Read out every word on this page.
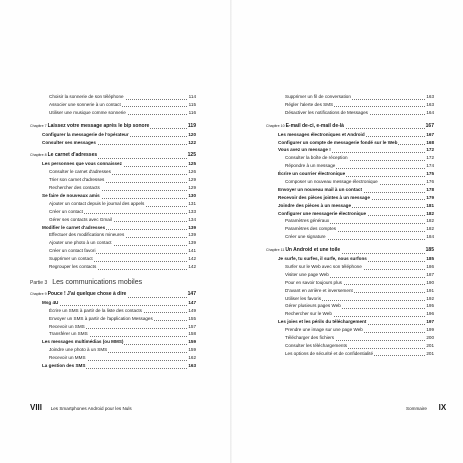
Choisir la sonnerie de son téléphone	114
Associer une sonnerie à un contact	115
Utiliser une musique comme sonnerie	116
Chapitre 7Laissez votre message après le bip sonore	119
Configurer la messagerie de l'opérateur	120
Consulter ses messages	122
Chapitre 8Le carnet d'adresses	125
Les personnes que vous connaissez	125
Consulter le carnet d'adresses	126
Trier son carnet d'adresses	129
Rechercher des contacts	129
Se faire de nouveaux amis	130
Ajouter un contact depuis le journal des appels	131
Créer un contact	133
Gérer ses contacts avec Gmail	134
Modifier le carnet d'adresses	139
Effectuer des modifications mineures	139
Ajouter une photo à un contact	139
Créer un contact favori	141
Supprimer un contact	142
Regrouper les contacts	142
Partie 3 Les communications mobiles
Chapitre 9Pouce ! J'ai quelque chose à dire	147
Msg 4U	147
Écrire un SMS à partir de la liste des contacts	149
Envoyer un SMS à partir de l'application Messages	155
Recevoir un SMS	157
Transférer un SMS	158
Les messages multimédias (ou MMS)	159
Joindre une photo à un SMS	159
Recevoir un MMS	162
La gestion des SMS	163
VIII Les Smartphones Android pour les Nuls
Supprimer un fil de conversation	163
Régler l'alerte des SMS	163
Désactiver les notifications de Messages	164
Chapitre 10E-mail de-ci, e-mail de-là	167
Les messages électroniques et Android	167
Configurer un compte de messagerie fondé sur le Web	168
Vous avez un message !	172
Consulter la boîte de réception	172
Répondre à un message	174
Écrire un courrier électronique	175
Composer un nouveau message électronique	176
Envoyer un nouveau mail à un contact	178
Recevoir des pièces jointes à un message	179
Joindre des pièces à un message	181
Configurer une messagerie électronique	182
Paramètres généraux	182
Paramètres des comptes	182
Créer une signature	184
Chapitre 11Un Android et une toile	185
Je surfe, tu surfes, il surfe, nous surfons	185
Surfer sur le Web avec son téléphone	186
Visiter une page Web	187
Pour en savoir toujours plus	190
D'avant en arrière et inversement	191
Utiliser les favoris	192
Gérer plusieurs pages Web	195
Rechercher sur le Web	196
Les joies et les périls du téléchargement	197
Prendre une image sur une page Web	199
Télécharger des fichiers	200
Consulter les téléchargements	201
Les options de sécurité et de confidentialité	201
Sommaire IX
